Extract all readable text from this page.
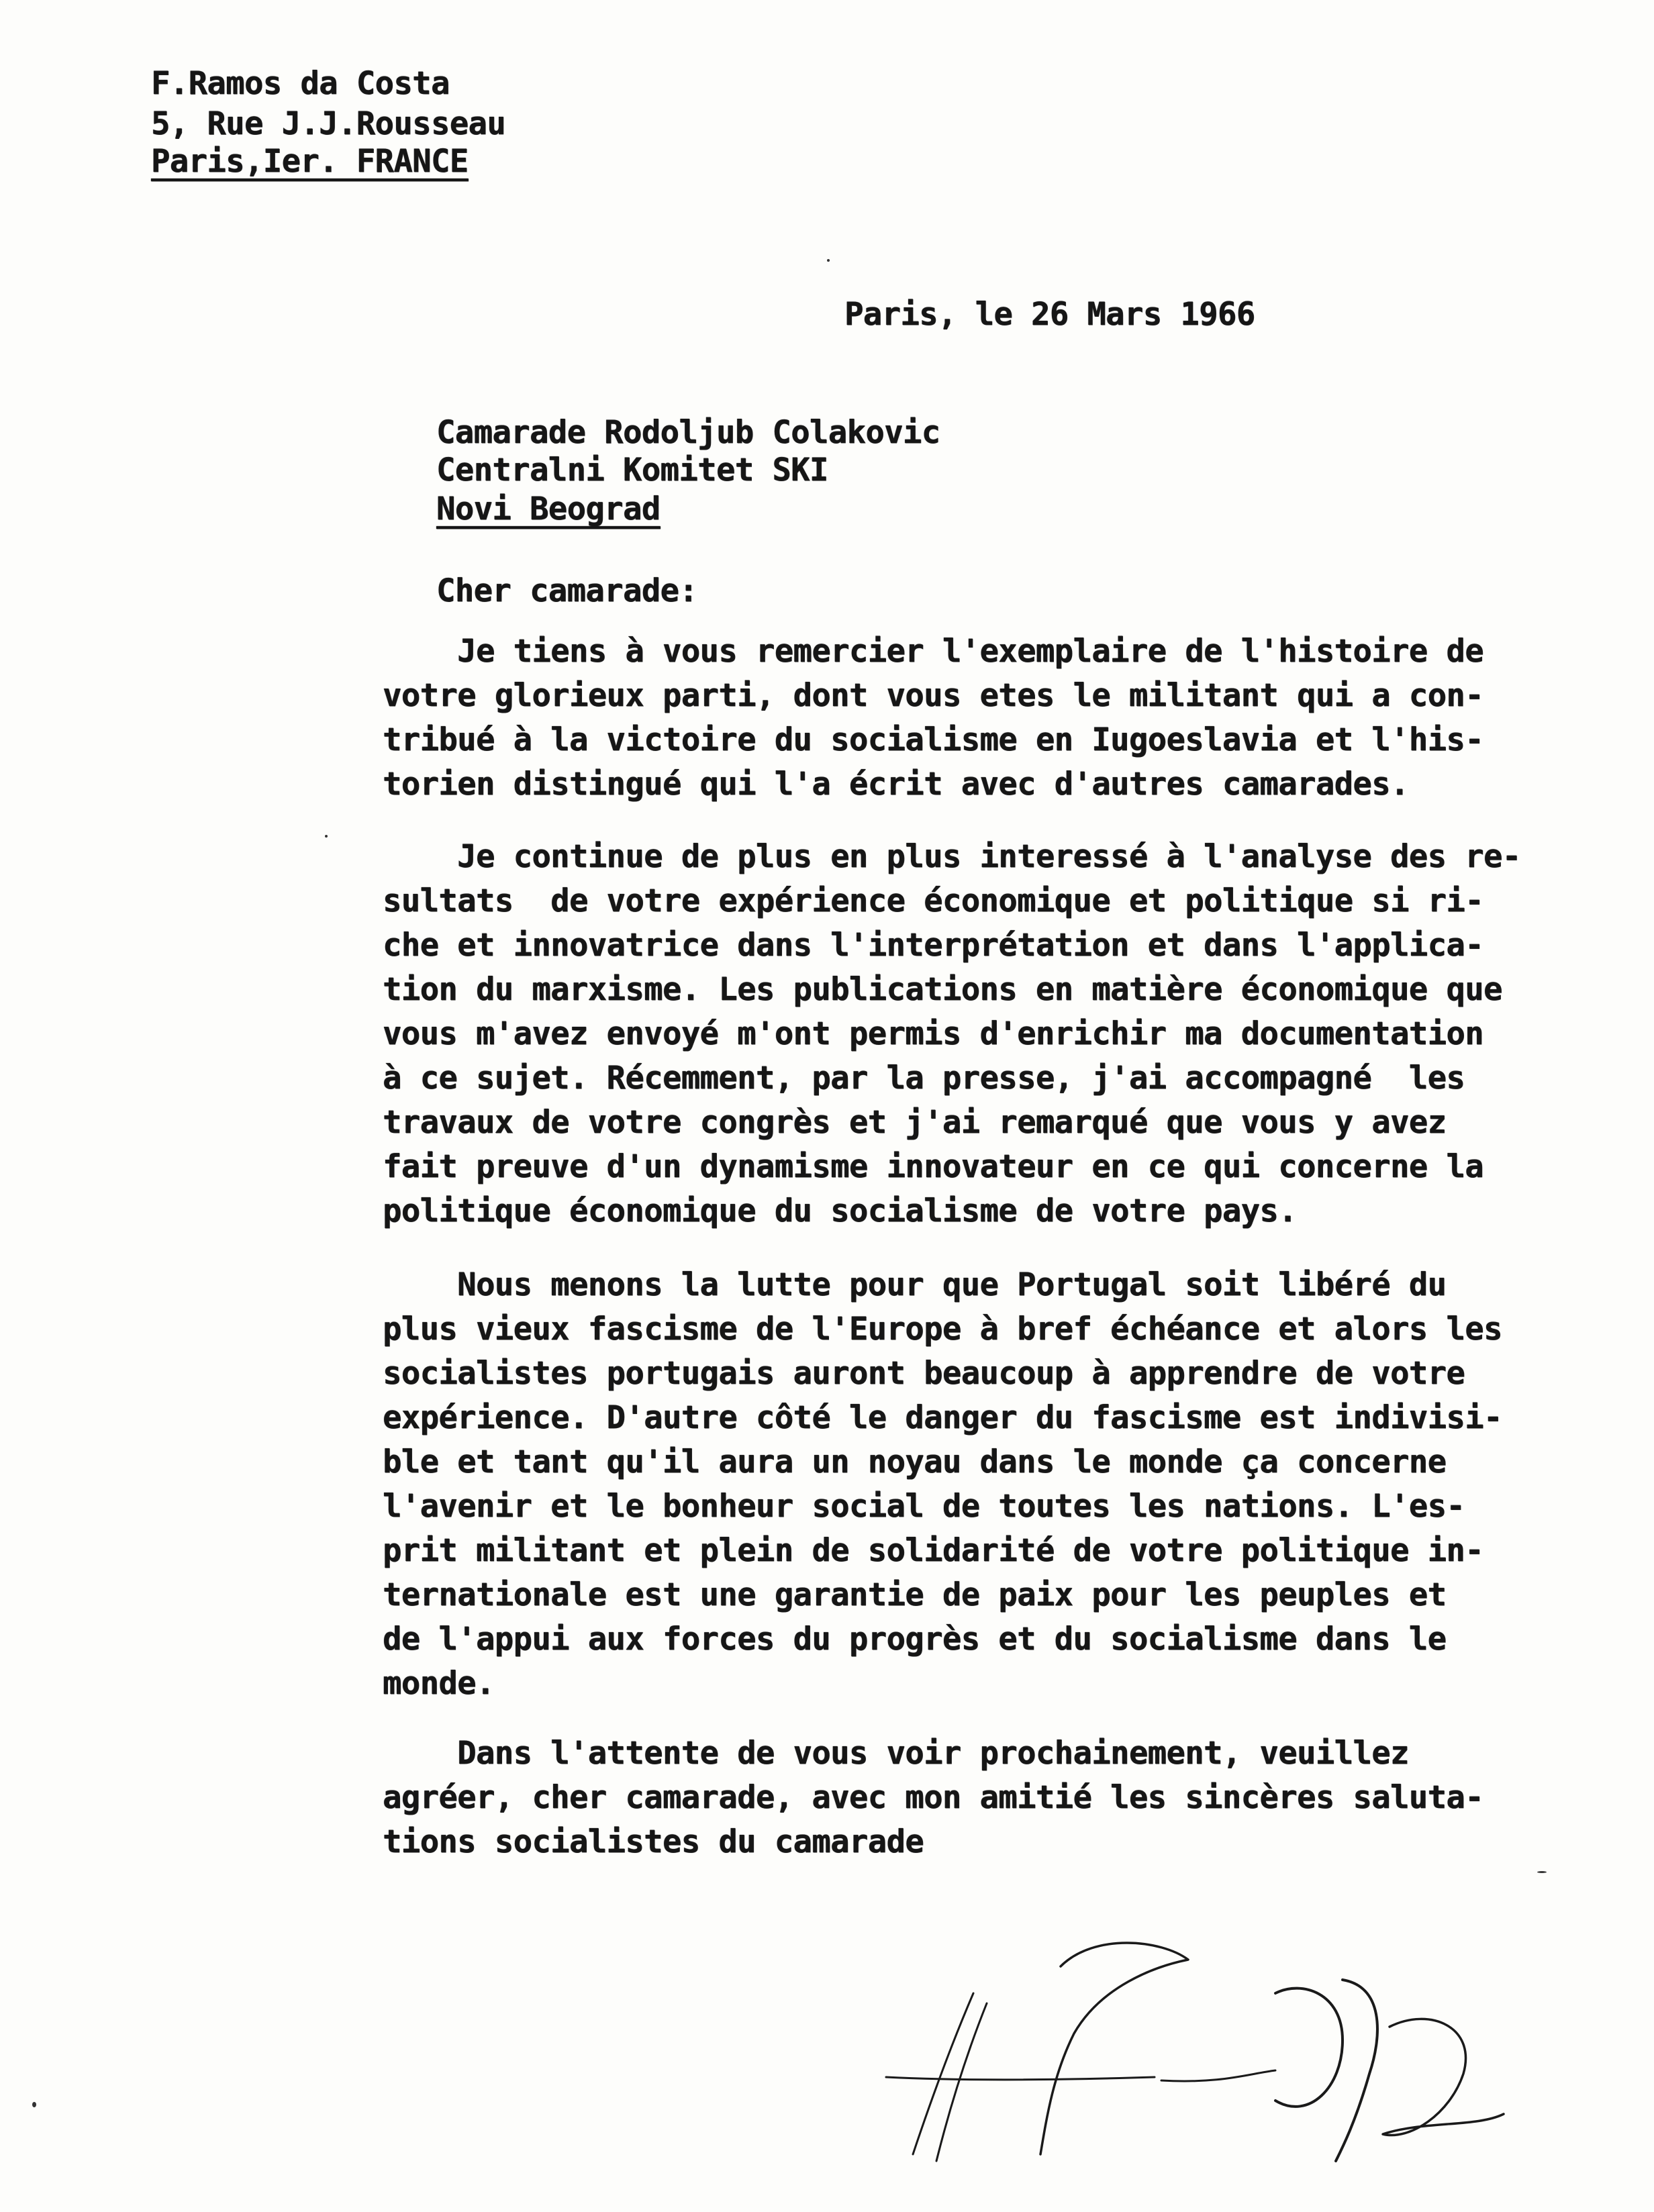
F.Ramos da Costa
5, Rue J.J.Rousseau
Paris,Ier. FRANCE
Paris, le 26 Mars 1966
Camarade Rodoljub Colakovic
Centralni Komitet SKI
Novi Beograd
Cher camarade:
Je tiens à vous remercier l'exemplaire de l'histoire de
votre glorieux parti, dont vous etes le militant qui a con-
tribué à la victoire du socialisme en Iugoeslavia et l'his-
torien distingué qui l'a écrit avec d'autres camarades.
Je continue de plus en plus interessé à l'analyse des re-
sultats  de votre expérience économique et politique si ri-
che et innovatrice dans l'interprétation et dans l'applica-
tion du marxisme. Les publications en matière économique que
vous m'avez envoyé m'ont permis d'enrichir ma documentation
à ce sujet. Récemment, par la presse, j'ai accompagné  les
travaux de votre congrès et j'ai remarqué que vous y avez
fait preuve d'un dynamisme innovateur en ce qui concerne la
politique économique du socialisme de votre pays.
Nous menons la lutte pour que Portugal soit libéré du
plus vieux fascisme de l'Europe à bref échéance et alors les
socialistes portugais auront beaucoup à apprendre de votre
expérience. D'autre côté le danger du fascisme est indivisi-
ble et tant qu'il aura un noyau dans le monde ça concerne
l'avenir et le bonheur social de toutes les nations. L'es-
prit militant et plein de solidarité de votre politique in-
ternationale est une garantie de paix pour les peuples et
de l'appui aux forces du progrès et du socialisme dans le
monde.
Dans l'attente de vous voir prochainement, veuillez
agréer, cher camarade, avec mon amitié les sincères saluta-
tions socialistes du camarade
